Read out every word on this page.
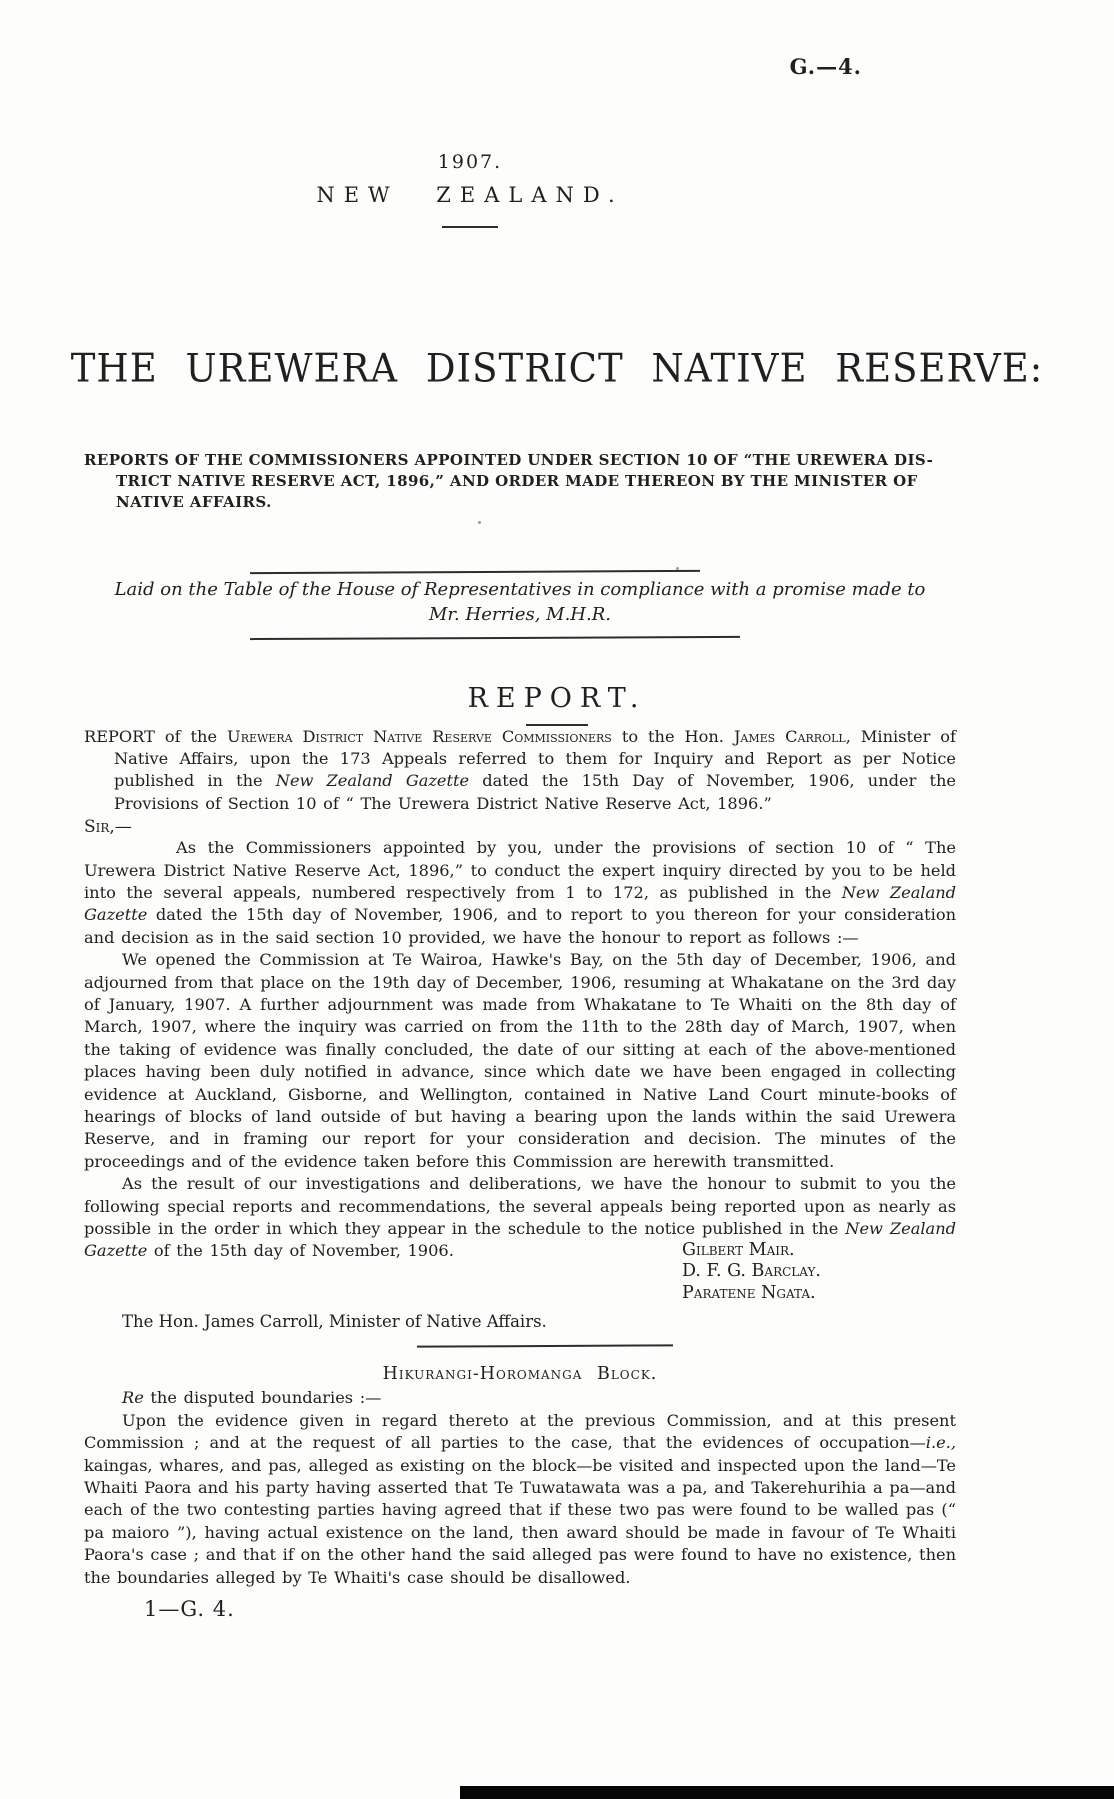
G.—4.
1907.
NEW ZEALAND.
THE UREWERA DISTRICT NATIVE RESERVE:
REPORTS OF THE COMMISSIONERS APPOINTED UNDER SECTION 10 OF “THE UREWERA DIS-
TRICT NATIVE RESERVE ACT, 1896,” AND ORDER MADE THEREON BY THE MINISTER OF
NATIVE AFFAIRS.
Laid on the Table of the House of Representatives in compliance with a promise made to
Mr. Herries, M.H.R.
REPORT.

REPORT of the Urewera District Native Reserve Commissioners to the Hon. James Carroll, Minister of Native Affairs, upon the 173 Appeals referred to them for Inquiry and Report as per Notice published in the New Zealand Gazette dated the 15th Day of November, 1906, under the Provisions of Section 10 of “ The Urewera District Native Reserve Act, 1896.”

Sir,—

As the Commissioners appointed by you, under the provisions of section 10 of “ The Urewera District Native Reserve Act, 1896,” to conduct the expert inquiry directed by you to be held into the several appeals, numbered respectively from 1 to 172, as published in the New Zealand Gazette dated the 15th day of November, 1906, and to report to you thereon for your consideration and decision as in the said section 10 provided, we have the honour to report as follows :—

We opened the Commission at Te Wairoa, Hawke's Bay, on the 5th day of December, 1906, and adjourned from that place on the 19th day of December, 1906, resuming at Whakatane on the 3rd day of January, 1907. A further adjournment was made from Whakatane to Te Whaiti on the 8th day of March, 1907, where the inquiry was carried on from the 11th to the 28th day of March, 1907, when the taking of evidence was finally concluded, the date of our sitting at each of the above-mentioned places having been duly notified in advance, since which date we have been engaged in collecting evidence at Auckland, Gisborne, and Wellington, contained in Native Land Court minute-books of hearings of blocks of land outside of but having a bearing upon the lands within the said Urewera Reserve, and in framing our report for your consideration and decision. The minutes of the proceedings and of the evidence taken before this Commission are herewith transmitted.

As the result of our investigations and deliberations, we have the honour to submit to you the following special reports and recommendations, the several appeals being reported upon as nearly as possible in the order in which they appear in the schedule to the notice published in the New Zealand Gazette of the 15th day of November, 1906.	Gilbert Mair.
D. F. G. Barclay.
Paratene Ngata.
The Hon. James Carroll, Minister of Native Affairs.
Hikurangi-Horomanga Block.

Re the disputed boundaries :—

Upon the evidence given in regard thereto at the previous Commission, and at this present Commission ; and at the request of all parties to the case, that the evidences of occupation—i.e., kaingas, whares, and pas, alleged as existing on the block—be visited and inspected upon the land—Te Whaiti Paora and his party having asserted that Te Tuwatawata was a pa, and Takerehurihia a pa—and each of the two contesting parties having agreed that if these two pas were found to be walled pas (“ pa maioro ”), having actual existence on the land, then award should be made in favour of Te Whaiti Paora's case ; and that if on the other hand the said alleged pas were found to have no existence, then the boundaries alleged by Te Whaiti's case should be disallowed.

1—G. 4.
